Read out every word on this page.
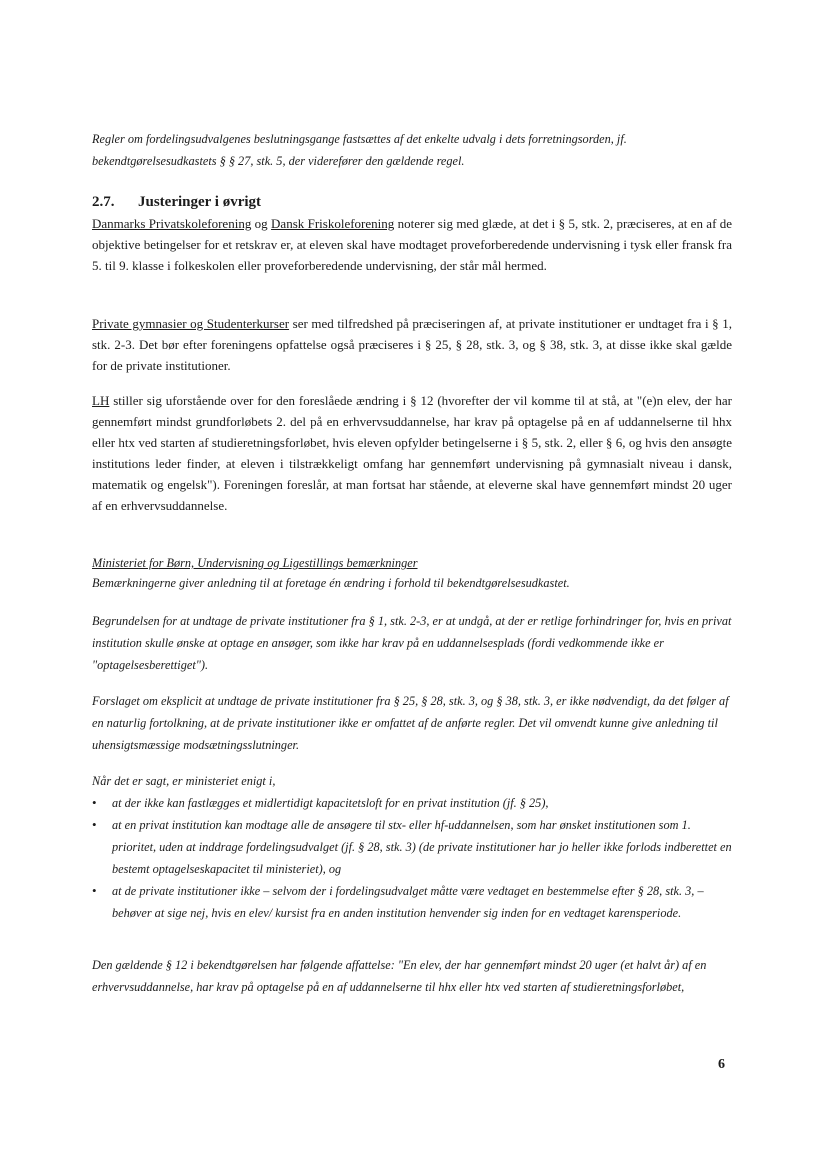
Regler om fordelingsudvalgenes beslutningsgange fastsættes af det enkelte udvalg i dets forretningsorden, jf. bekendtgørelsesudkastets § § 27, stk. 5, der viderefører den gældende regel.

2.7. Justeringer i øvrigt

Danmarks Privatskoleforening og Dansk Friskoleforening noterer sig med glæde, at det i § 5, stk. 2, præciseres, at en af de objektive betingelser for et retskrav er, at eleven skal have modtaget proveforberedende undervisning i tysk eller fransk fra 5. til 9. klasse i folkeskolen eller proveforberedende undervisning, der står mål hermed.

Private gymnasier og Studenterkurser ser med tilfredshed på præciseringen af, at private institutioner er undtaget fra i § 1, stk. 2-3. Det bør efter foreningens opfattelse også præciseres i § 25, § 28, stk. 3, og § 38, stk. 3, at disse ikke skal gælde for de private institutioner.

LH stiller sig uforstående over for den foreslåede ændring i § 12 (hvorefter der vil komme til at stå, at "(e)n elev, der har gennemført mindst grundforløbets 2. del på en erhvervsuddannelse, har krav på optagelse på en af uddannelserne til hhx eller htx ved starten af studieretningsforløbet, hvis eleven opfylder betingelserne i § 5, stk. 2, eller § 6, og hvis den ansøgte institutions leder finder, at eleven i tilstrækkeligt omfang har gennemført undervisning på gymnasialt niveau i dansk, matematik og engelsk"). Foreningen foreslår, at man fortsat har stående, at eleverne skal have gennemført mindst 20 uger af en erhvervsuddannelse.

Ministeriet for Børn, Undervisning og Ligestillings bemærkninger

Bemærkningerne giver anledning til at foretage én ændring i forhold til bekendtgørelsesudkastet.

Begrundelsen for at undtage de private institutioner fra § 1, stk. 2-3, er at undgå, at der er retlige forhindringer for, hvis en privat institution skulle ønske at optage en ansøger, som ikke har krav på en uddannelsesplads (fordi vedkommende ikke er "optagelsesberettiget").

Forslaget om eksplicit at undtage de private institutioner fra § 25, § 28, stk. 3, og § 38, stk. 3, er ikke nødvendigt, da det følger af en naturlig fortolkning, at de private institutioner ikke er omfattet af de anførte regler. Det vil omvendt kunne give anledning til uhensigtsmæssige modsætningsslutninger.

Når det er sagt, er ministeriet enigt i,

• at der ikke kan fastlægges et midlertidigt kapacitetsloft for en privat institution (jf. § 25),
• at en privat institution kan modtage alle de ansøgere til stx- eller hf-uddannelsen, som har ønsket institutionen som 1. prioritet, uden at inddrage fordelingsudvalget (jf. § 28, stk. 3) (de private institutioner har jo heller ikke forlods indberettet en bestemt optagelseskapacitet til ministeriet), og
• at de private institutioner ikke – selvom der i fordelingsudvalget måtte være vedtaget en bestemmelse efter § 28, stk. 3, – behøver at sige nej, hvis en elev/ kursist fra en anden institution henvender sig inden for en vedtaget karensperiode.

Den gældende § 12 i bekendtgørelsen har følgende affattelse: "En elev, der har gennemført mindst 20 uger (et halvt år) af en erhvervsuddannelse, har krav på optagelse på en af uddannelserne til hhx eller htx ved starten af studieretningsforløbet,

6
